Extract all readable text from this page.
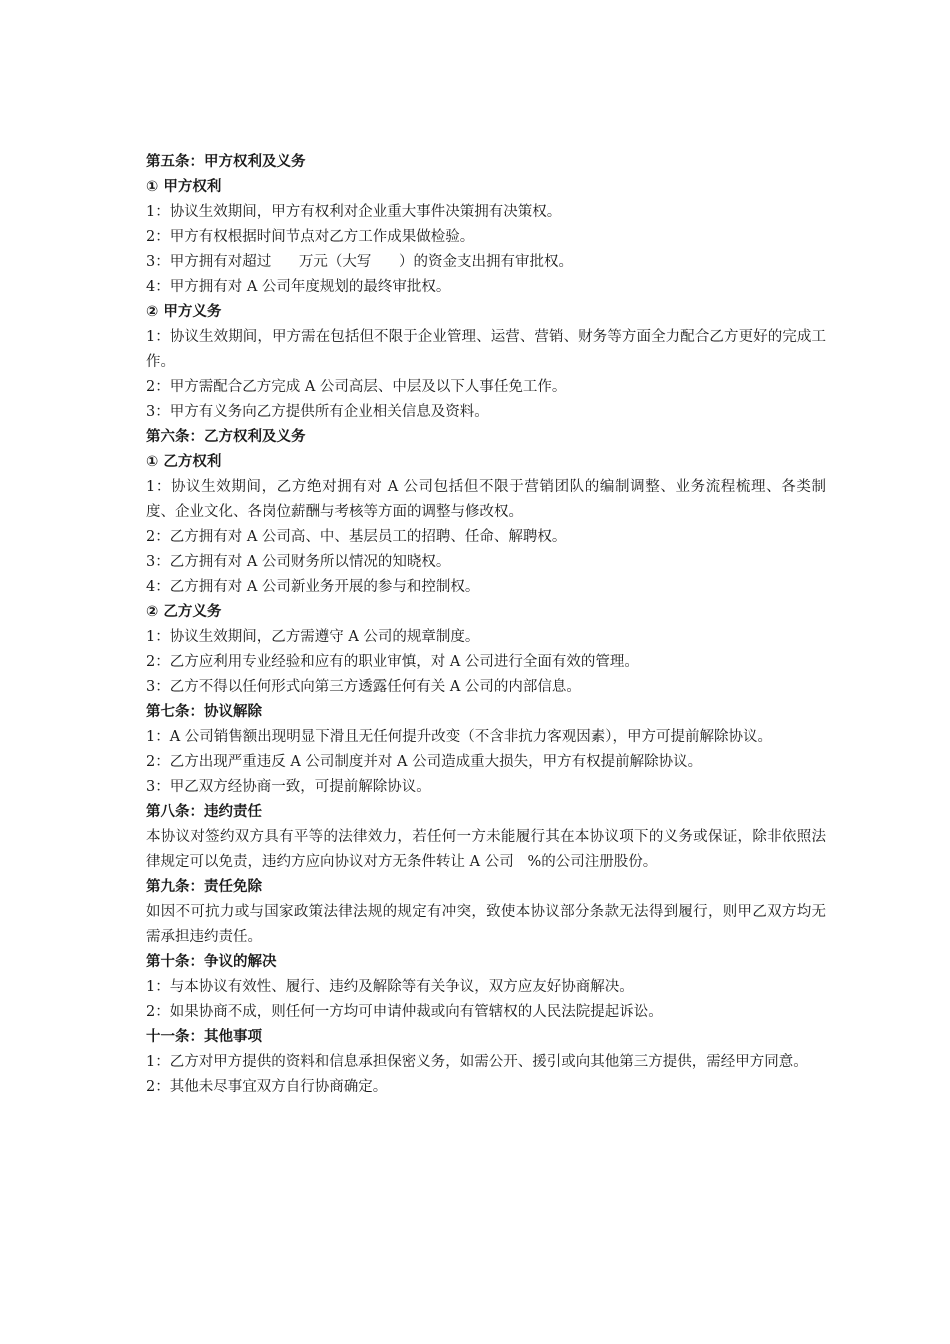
第五条：甲方权利及义务

① 甲方权利

1：协议生效期间，甲方有权利对企业重大事件决策拥有决策权。

2：甲方有权根据时间节点对乙方工作成果做检验。

3：甲方拥有对超过      万元（大写      ）的资金支出拥有审批权。

4：甲方拥有对 A 公司年度规划的最终审批权。

② 甲方义务

1：协议生效期间，甲方需在包括但不限于企业管理、运营、营销、财务等方面全力配合乙方更好的完成工作。

2：甲方需配合乙方完成 A 公司高层、中层及以下人事任免工作。

3：甲方有义务向乙方提供所有企业相关信息及资料。

第六条：乙方权利及义务

① 乙方权利

1：协议生效期间，乙方绝对拥有对 A 公司包括但不限于营销团队的编制调整、业务流程梳理、各类制度、企业文化、各岗位薪酬与考核等方面的调整与修改权。

2：乙方拥有对 A 公司高、中、基层员工的招聘、任命、解聘权。

3：乙方拥有对 A 公司财务所以情况的知晓权。

4：乙方拥有对 A 公司新业务开展的参与和控制权。

② 乙方义务

1：协议生效期间，乙方需遵守 A 公司的规章制度。

2：乙方应利用专业经验和应有的职业审慎，对 A 公司进行全面有效的管理。

3：乙方不得以任何形式向第三方透露任何有关 A 公司的内部信息。

第七条：协议解除

1：A 公司销售额出现明显下滑且无任何提升改变（不含非抗力客观因素），甲方可提前解除协议。

2：乙方出现严重违反 A 公司制度并对 A 公司造成重大损失，甲方有权提前解除协议。

3：甲乙双方经协商一致，可提前解除协议。

第八条：违约责任

本协议对签约双方具有平等的法律效力，若任何一方未能履行其在本协议项下的义务或保证，除非依照法律规定可以免责，违约方应向协议对方无条件转让 A 公司   %的公司注册股份。

第九条：责任免除

如因不可抗力或与国家政策法律法规的规定有冲突，致使本协议部分条款无法得到履行，则甲乙双方均无需承担违约责任。

第十条：争议的解决

1：与本协议有效性、履行、违约及解除等有关争议，双方应友好协商解决。

2：如果协商不成，则任何一方均可申请仲裁或向有管辖权的人民法院提起诉讼。

十一条：其他事项

1：乙方对甲方提供的资料和信息承担保密义务，如需公开、援引或向其他第三方提供，需经甲方同意。

2：其他未尽事宜双方自行协商确定。
